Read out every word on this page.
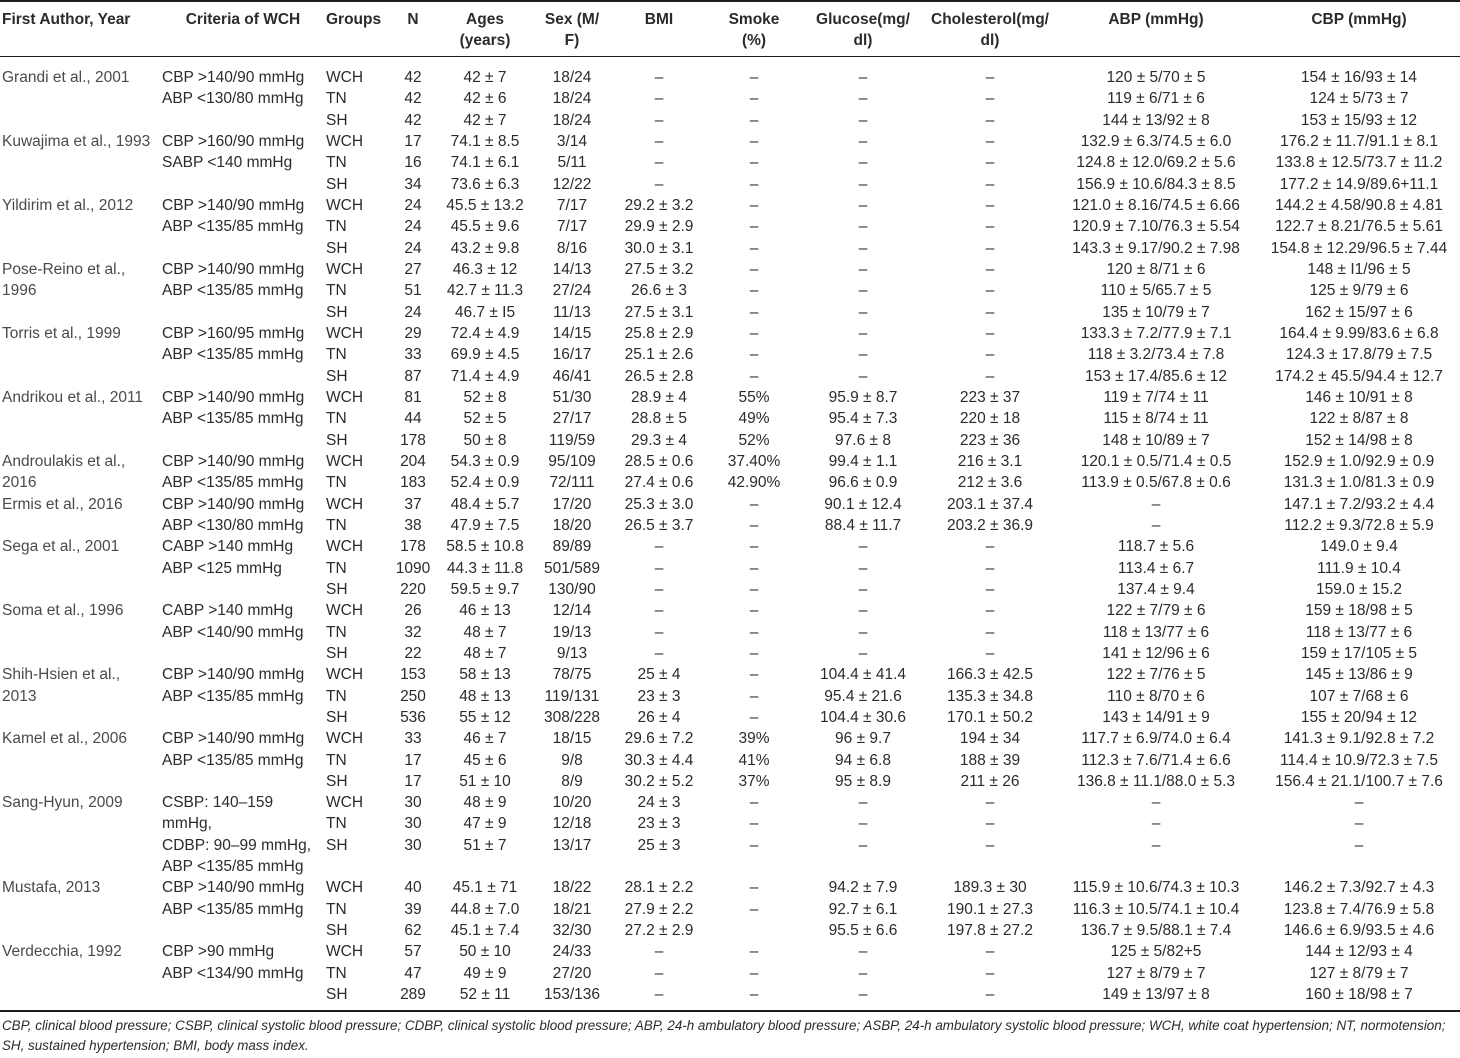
First Author, Year	Criteria of WCH	Groups	N	Ages
(years)	Sex (M/
F)	BMI	Smoke
(%)	Glucose(mg/
dl)	Cholesterol(mg/
dl)	ABP (mmHg)	CBP (mmHg)

Grandi et al., 2001	CBP >140/90 mmHg	WCH	42	42 ± 7	18/24	–	–	–	–	120 ± 5/70 ± 5	154 ± 16/93 ± 14
	ABP <130/80 mmHg	TN	42	42 ± 6	18/24	–	–	–	–	119 ± 6/71 ± 6	124 ± 5/73 ± 7
		SH	42	42 ± 7	18/24	–	–	–	–	144 ± 13/92 ± 8	153 ± 15/93 ± 12
Kuwajima et al., 1993	CBP >160/90 mmHg	WCH	17	74.1 ± 8.5	3/14	–	–	–	–	132.9 ± 6.3/74.5 ± 6.0	176.2 ± 11.7/91.1 ± 8.1
	SABP <140 mmHg	TN	16	74.1 ± 6.1	5/11	–	–	–	–	124.8 ± 12.0/69.2 ± 5.6	133.8 ± 12.5/73.7 ± 11.2
		SH	34	73.6 ± 6.3	12/22	–	–	–	–	156.9 ± 10.6/84.3 ± 8.5	177.2 ± 14.9/89.6+11.1
Yildirim et al., 2012	CBP >140/90 mmHg	WCH	24	45.5 ± 13.2	7/17	29.2 ± 3.2	–	–	–	121.0 ± 8.16/74.5 ± 6.66	144.2 ± 4.58/90.8 ± 4.81
	ABP <135/85 mmHg	TN	24	45.5 ± 9.6	7/17	29.9 ± 2.9	–	–	–	120.9 ± 7.10/76.3 ± 5.54	122.7 ± 8.21/76.5 ± 5.61
		SH	24	43.2 ± 9.8	8/16	30.0 ± 3.1	–	–	–	143.3 ± 9.17/90.2 ± 7.98	154.8 ± 12.29/96.5 ± 7.44
Pose-Reino et al.,	CBP >140/90 mmHg	WCH	27	46.3 ± 12	14/13	27.5 ± 3.2	–	–	–	120 ± 8/71 ± 6	148 ± I1/96 ± 5
1996	ABP <135/85 mmHg	TN	51	42.7 ± 11.3	27/24	26.6 ± 3	–	–	–	110 ± 5/65.7 ± 5	125 ± 9/79 ± 6
		SH	24	46.7 ± I5	11/13	27.5 ± 3.1	–	–	–	135 ± 10/79 ± 7	162 ± 15/97 ± 6
Torris et al., 1999	CBP >160/95 mmHg	WCH	29	72.4 ± 4.9	14/15	25.8 ± 2.9	–	–	–	133.3 ± 7.2/77.9 ± 7.1	164.4 ± 9.99/83.6 ± 6.8
	ABP <135/85 mmHg	TN	33	69.9 ± 4.5	16/17	25.1 ± 2.6	–	–	–	118 ± 3.2/73.4 ± 7.8	124.3 ± 17.8/79 ± 7.5
		SH	87	71.4 ± 4.9	46/41	26.5 ± 2.8	–	–	–	153 ± 17.4/85.6 ± 12	174.2 ± 45.5/94.4 ± 12.7
Andrikou et al., 2011	CBP >140/90 mmHg	WCH	81	52 ± 8	51/30	28.9 ± 4	55%	95.9 ± 8.7	223 ± 37	119 ± 7/74 ± 11	146 ± 10/91 ± 8
	ABP <135/85 mmHg	TN	44	52 ± 5	27/17	28.8 ± 5	49%	95.4 ± 7.3	220 ± 18	115 ± 8/74 ± 11	122 ± 8/87 ± 8
		SH	178	50 ± 8	119/59	29.3 ± 4	52%	97.6 ± 8	223 ± 36	148 ± 10/89 ± 7	152 ± 14/98 ± 8
Androulakis et al.,	CBP >140/90 mmHg	WCH	204	54.3 ± 0.9	95/109	28.5 ± 0.6	37.40%	99.4 ± 1.1	216 ± 3.1	120.1 ± 0.5/71.4 ± 0.5	152.9 ± 1.0/92.9 ± 0.9
2016	ABP <135/85 mmHg	TN	183	52.4 ± 0.9	72/111	27.4 ± 0.6	42.90%	96.6 ± 0.9	212 ± 3.6	113.9 ± 0.5/67.8 ± 0.6	131.3 ± 1.0/81.3 ± 0.9
Ermis et al., 2016	CBP >140/90 mmHg	WCH	37	48.4 ± 5.7	17/20	25.3 ± 3.0	–	90.1 ± 12.4	203.1 ± 37.4	–	147.1 ± 7.2/93.2 ± 4.4
	ABP <130/80 mmHg	TN	38	47.9 ± 7.5	18/20	26.5 ± 3.7	–	88.4 ± 11.7	203.2 ± 36.9	–	112.2 ± 9.3/72.8 ± 5.9
Sega et al., 2001	CABP >140 mmHg	WCH	178	58.5 ± 10.8	89/89	–	–	–	–	118.7 ± 5.6	149.0 ± 9.4
	ABP <125 mmHg	TN	1090	44.3 ± 11.8	501/589	–	–	–	–	113.4 ± 6.7	111.9 ± 10.4
		SH	220	59.5 ± 9.7	130/90	–	–	–	–	137.4 ± 9.4	159.0 ± 15.2
Soma et al., 1996	CABP >140 mmHg	WCH	26	46 ± 13	12/14	–	–	–	–	122 ± 7/79 ± 6	159 ± 18/98 ± 5
	ABP <140/90 mmHg	TN	32	48 ± 7	19/13	–	–	–	–	118 ± 13/77 ± 6	118 ± 13/77 ± 6
		SH	22	48 ± 7	9/13	–	–	–	–	141 ± 12/96 ± 6	159 ± 17/105 ± 5
Shih-Hsien et al.,	CBP >140/90 mmHg	WCH	153	58 ± 13	78/75	25 ± 4	–	104.4 ± 41.4	166.3 ± 42.5	122 ± 7/76 ± 5	145 ± 13/86 ± 9
2013	ABP <135/85 mmHg	TN	250	48 ± 13	119/131	23 ± 3	–	95.4 ± 21.6	135.3 ± 34.8	110 ± 8/70 ± 6	107 ± 7/68 ± 6
		SH	536	55 ± 12	308/228	26 ± 4	–	104.4 ± 30.6	170.1 ± 50.2	143 ± 14/91 ± 9	155 ± 20/94 ± 12
Kamel et al., 2006	CBP >140/90 mmHg	WCH	33	46 ± 7	18/15	29.6 ± 7.2	39%	96 ± 9.7	194 ± 34	117.7 ± 6.9/74.0 ± 6.4	141.3 ± 9.1/92.8 ± 7.2
	ABP <135/85 mmHg	TN	17	45 ± 6	9/8	30.3 ± 4.4	41%	94 ± 6.8	188 ± 39	112.3 ± 7.6/71.4 ± 6.6	114.4 ± 10.9/72.3 ± 7.5
		SH	17	51 ± 10	8/9	30.2 ± 5.2	37%	95 ± 8.9	211 ± 26	136.8 ± 11.1/88.0 ± 5.3	156.4 ± 21.1/100.7 ± 7.6
Sang-Hyun, 2009	CSBP: 140–159	WCH	30	48 ± 9	10/20	24 ± 3	–	–	–	–	–
	mmHg,	TN	30	47 ± 9	12/18	23 ± 3	–	–	–	–	–
	CDBP: 90–99 mmHg,	SH	30	51 ± 7	13/17	25 ± 3	–	–	–	–	–
	ABP <135/85 mmHg										
Mustafa, 2013	CBP >140/90 mmHg	WCH	40	45.1 ± 71	18/22	28.1 ± 2.2	–	94.2 ± 7.9	189.3 ± 30	115.9 ± 10.6/74.3 ± 10.3	146.2 ± 7.3/92.7 ± 4.3
	ABP <135/85 mmHg	TN	39	44.8 ± 7.0	18/21	27.9 ± 2.2	–	92.7 ± 6.1	190.1 ± 27.3	116.3 ± 10.5/74.1 ± 10.4	123.8 ± 7.4/76.9 ± 5.8
		SH	62	45.1 ± 7.4	32/30	27.2 ± 2.9		95.5 ± 6.6	197.8 ± 27.2	136.7 ± 9.5/88.1 ± 7.4	146.6 ± 6.9/93.5 ± 4.6
Verdecchia, 1992	CBP >90 mmHg	WCH	57	50 ± 10	24/33	–	–	–	–	125 ± 5/82+5	144 ± 12/93 ± 4
	ABP <134/90 mmHg	TN	47	49 ± 9	27/20	–	–	–	–	127 ± 8/79 ± 7	127 ± 8/79 ± 7
		SH	289	52 ± 11	153/136	–	–	–	–	149 ± 13/97 ± 8	160 ± 18/98 ± 7
CBP, clinical blood pressure; CSBP, clinical systolic blood pressure; CDBP, clinical systolic blood pressure; ABP, 24-h ambulatory blood pressure; ASBP, 24-h ambulatory systolic blood pressure; WCH, white coat hypertension; NT, normotension; SH, sustained hypertension; BMI, body mass index.
